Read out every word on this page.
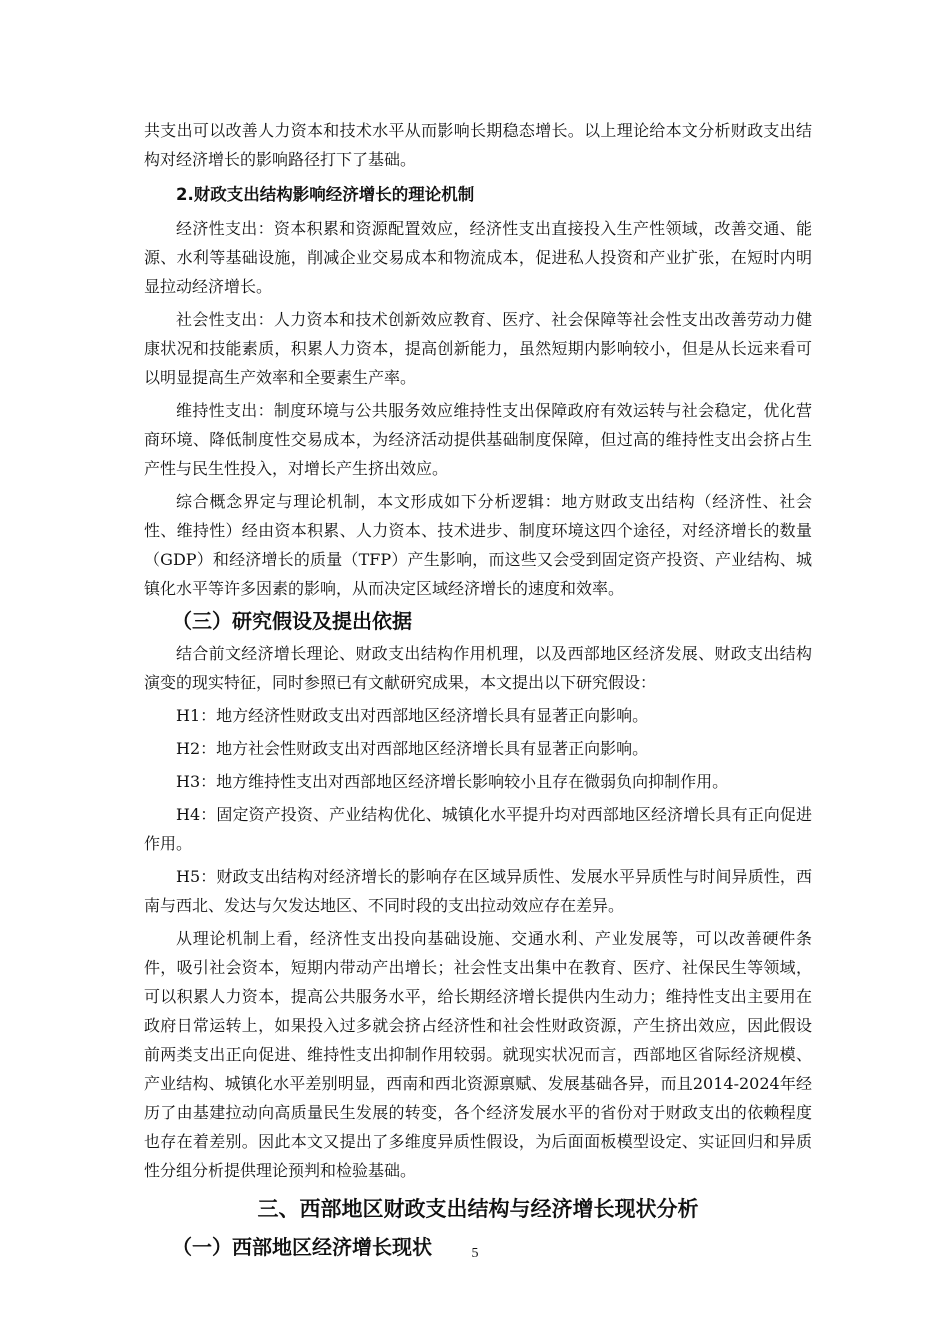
共支出可以改善人力资本和技术水平从而影响长期稳态增长。以上理论给本文分析财政支出结构对经济增长的影响路径打下了基础。

2.财政支出结构影响经济增长的理论机制

经济性支出：资本积累和资源配置效应，经济性支出直接投入生产性领域，改善交通、能源、水利等基础设施，削减企业交易成本和物流成本，促进私人投资和产业扩张，在短时内明显拉动经济增长。

社会性支出：人力资本和技术创新效应教育、医疗、社会保障等社会性支出改善劳动力健康状况和技能素质，积累人力资本，提高创新能力，虽然短期内影响较小，但是从长远来看可以明显提高生产效率和全要素生产率。

维持性支出：制度环境与公共服务效应维持性支出保障政府有效运转与社会稳定，优化营商环境、降低制度性交易成本，为经济活动提供基础制度保障，但过高的维持性支出会挤占生产性与民生性投入，对增长产生挤出效应。

综合概念界定与理论机制，本文形成如下分析逻辑：地方财政支出结构（经济性、社会性、维持性）经由资本积累、人力资本、技术进步、制度环境这四个途径，对经济增长的数量（GDP）和经济增长的质量（TFP）产生影响，而这些又会受到固定资产投资、产业结构、城镇化水平等许多因素的影响，从而决定区域经济增长的速度和效率。

（三）研究假设及提出依据

结合前文经济增长理论、财政支出结构作用机理，以及西部地区经济发展、财政支出结构演变的现实特征，同时参照已有文献研究成果，本文提出以下研究假设：

H1：地方经济性财政支出对西部地区经济增长具有显著正向影响。

H2：地方社会性财政支出对西部地区经济增长具有显著正向影响。

H3：地方维持性支出对西部地区经济增长影响较小且存在微弱负向抑制作用。

H4：固定资产投资、产业结构优化、城镇化水平提升均对西部地区经济增长具有正向促进作用。

H5：财政支出结构对经济增长的影响存在区域异质性、发展水平异质性与时间异质性，西南与西北、发达与欠发达地区、不同时段的支出拉动效应存在差异。

从理论机制上看，经济性支出投向基础设施、交通水利、产业发展等，可以改善硬件条件，吸引社会资本，短期内带动产出增长；社会性支出集中在教育、医疗、社保民生等领域，可以积累人力资本，提高公共服务水平，给长期经济增长提供内生动力；维持性支出主要用在政府日常运转上，如果投入过多就会挤占经济性和社会性财政资源，产生挤出效应，因此假设前两类支出正向促进、维持性支出抑制作用较弱。就现实状况而言，西部地区省际经济规模、产业结构、城镇化水平差别明显，西南和西北资源禀赋、发展基础各异，而且2014-2024年经历了由基建拉动向高质量民生发展的转变，各个经济发展水平的省份对于财政支出的依赖程度也存在着差别。因此本文又提出了多维度异质性假设，为后面面板模型设定、实证回归和异质性分组分析提供理论预判和检验基础。

三、西部地区财政支出结构与经济增长现状分析
（一）西部地区经济增长现状	5
